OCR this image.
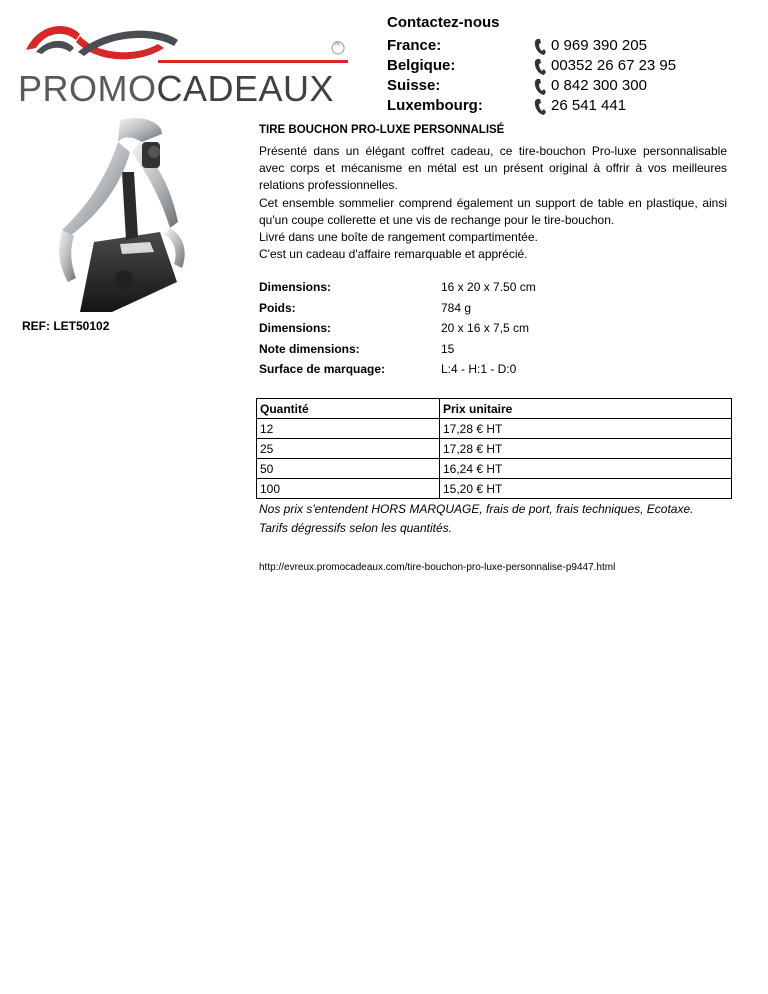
R
PROMOCADEAUX
Contactez-nous
France:	0 969 390 205
Belgique:	00352 26 67 23 95
Suisse:	0 842 300 300
Luxembourg:	26 541 441
REF: LET50102
TIRE BOUCHON PRO-LUXE PERSONNALISÉ

Présenté dans un élégant coffret cadeau, ce tire-bouchon Pro-luxe personnalisable avec corps et mécanisme en métal est un présent original à offrir à vos meilleures relations professionnelles.

Cet ensemble sommelier comprend également un support de table en plastique, ainsi qu'un coupe collerette et une vis de rechange pour le tire-bouchon.

Livré dans une boîte de rangement compartimentée.

C'est un cadeau d'affaire remarquable et apprécié.

Dimensions:	16 x 20 x 7.50 cm
Poids:	784 g
Dimensions:	20 x 16 x 7,5 cm
Note dimensions:	15
Surface de marquage:	L:4 - H:1 - D:0
Quantité	Prix unitaire
12	17,28 € HT
25	17,28 € HT
50	16,24 € HT
100	15,20 € HT
Nos prix s'entendent HORS MARQUAGE, frais de port, frais techniques, Ecotaxe.
Tarifs dégressifs selon les quantités.
http://evreux.promocadeaux.com/tire-bouchon-pro-luxe-personnalise-p9447.html
